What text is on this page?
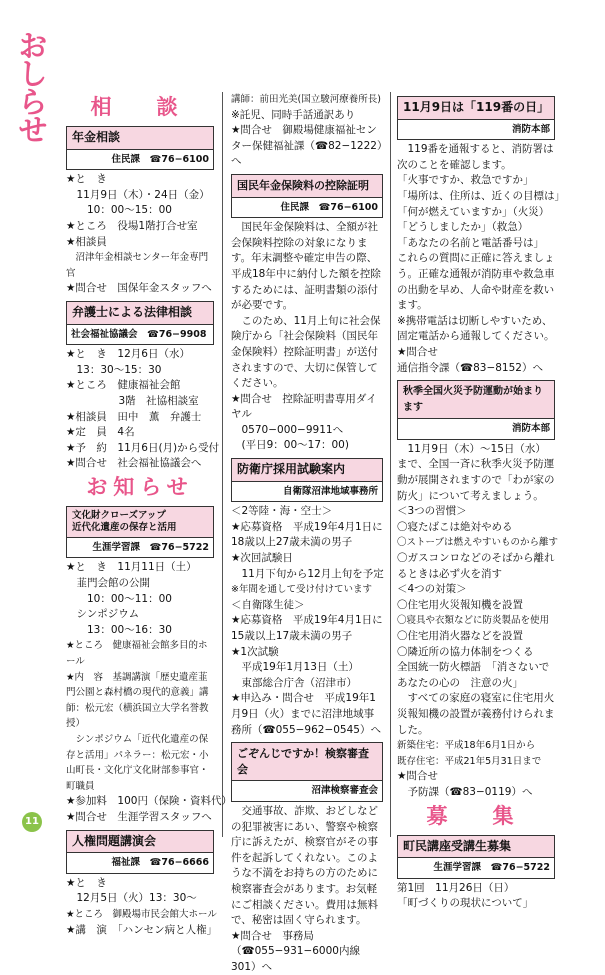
おしらせ
11
相　談
年金相談
住民課　☎76−6100

★と　き

　11月9日（木）・24日（金）

　　10：00〜15：00

★ところ　役場1階打合せ室

★相談員

　沼津年金相談センター年金専門官

★問合せ　国保年金スタッフへ

弁護士による法律相談
社会福祉協議会　☎76−9908

★と　き　12月6日（水）

　13：30〜15：30

★ところ　健康福祉会館

　　　　　3階　社協相談室

★相談員　田中　薫　弁護士

★定　員　4名

★予　約　11月6日(月)から受付

★問合せ　社会福祉協議会へ

お知らせ
文化財クローズアップ
近代化遺産の保存と活用
生涯学習課　☎76−5722

★と　き　11月11日（土）

　韮門会館の公開

　　10：00〜11：00

　シンポジウム

　　13：00〜16：30

★ところ　健康福祉会館多目的ホール

★内　容　基調講演「歴史遺産韮門公園と森村橋の現代的意義」講師：松元宏（横浜国立大学名誉教授）

　シンポジウム「近代化遺産の保存と活用」パネラー：松元宏・小山町長・文化庁文化財部参事官・町職員

★参加料　100円（保険・資料代）

★問合せ　生涯学習スタッフへ

人権問題講演会
福祉課　☎76−6666

★と　き

　12月5日（火）13：30〜

★ところ　御殿場市民会館大ホール

★講　演　「ハンセン病と人権」

講師：前田光美(国立駿河療養所長)

※託児、同時手話通訳あり

★問合せ　御殿場健康福祉センター保健福祉課（☎82−1222）へ

国民年金保険料の控除証明
住民課　☎76−6100

　国民年金保険料は、全額が社会保険料控除の対象になります。年末調整や確定申告の際、平成18年中に納付した額を控除するためには、証明書類の添付が必要です。

　このため、11月上旬に社会保険庁から「社会保険料（国民年金保険料）控除証明書」が送付されますので、大切に保管してください。

★問合せ　控除証明書専用ダイヤル

　0570−000−9911へ

　(平日9：00〜17：00)

防衛庁採用試験案内
自衛隊沼津地域事務所

＜2等陸・海・空士＞

★応募資格　平成19年4月1日に18歳以上27歳未満の男子

★次回試験日

　11月下旬から12月上旬を予定

※年間を通して受け付けています

＜自衛隊生徒＞

★応募資格　平成19年4月1日に15歳以上17歳未満の男子

★1次試験

　平成19年1月13日（土）

　東部総合庁舎（沼津市）

★申込み・問合せ　平成19年1月9日（火）までに沼津地域事務所（☎055−962−0545）へ

ごぞんじですか！検察審査会
沼津検察審査会

　交通事故、詐欺、おどしなどの犯罪被害にあい、警察や検察庁に訴えたが、検察官がその事件を起訴してくれない。このような不満をお持ちの方のために検察審査会があります。お気軽にご相談ください。費用は無料で、秘密は固く守られます。

★問合せ　事務局（☎055−931−6000内線301）へ

11月9日は「119番の日」
消防本部

　119番を通報すると、消防署は次のことを確認します。

「火事ですか、救急ですか」

「場所は、住所は、近くの目標は」

「何が燃えていますか」（火災）

「どうしましたか」（救急）

「あなたの名前と電話番号は」

これらの質問に正確に答えましょう。正確な通報が消防車や救急車の出動を早め、人命や財産を救います。

※携帯電話は切断しやすいため、固定電話から通報してください。

★問合せ

通信指令課（☎83−8152）へ

秋季全国火災予防運動が始まります
消防本部

　11月9日（木）〜15日（水）まで、全国一斉に秋季火災予防運動が展開されますので「わが家の防火」について考えましょう。

＜3つの習慣＞

〇寝たばこは絶対やめる

〇ストーブは燃えやすいものから離す

〇ガスコンロなどのそばから離れるときは必ず火を消す

＜4つの対策＞

〇住宅用火災報知機を設置

〇寝具や衣類などに防炎製品を使用

〇住宅用消火器などを設置

〇隣近所の協力体制をつくる

全国統一防火標語　「消さないで　あなたの心の　注意の火」

　すべての家庭の寝室に住宅用火災報知機の設置が義務付けられました。

新築住宅：平成18年6月1日から

既存住宅：平成21年5月31日まで

★問合せ

　予防課（☎83−0119）へ

募　集
町民講座受講生募集
生涯学習課　☎76−5722

第1回　11月26日（日）

「町づくりの現状について」
